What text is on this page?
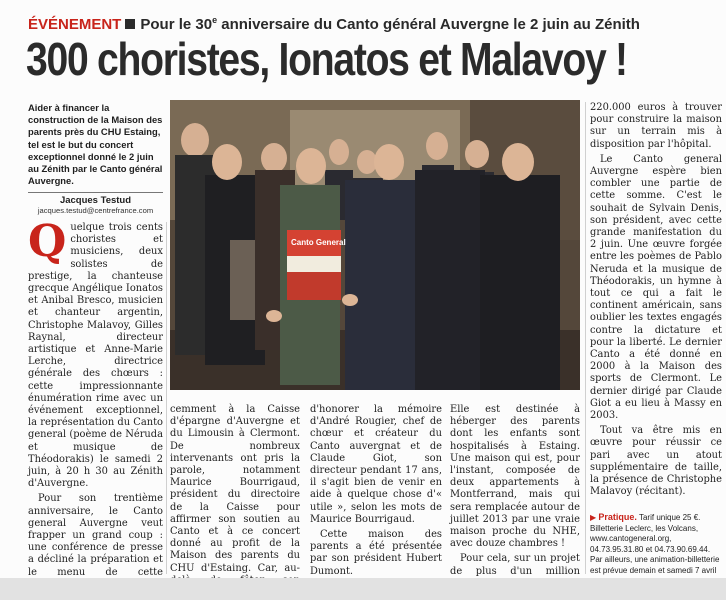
ÉVÉNEMENT Pour le 30e anniversaire du Canto général Auvergne le 2 juin au Zénith
300 choristes, Ionatos et Malavoy !
Aider à financer la construction de la Maison des parents près du CHU Estaing, tel est le but du concert exceptionnel donné le 2 juin au Zénith par le Canto général Auvergne.
Jacques Testud
jacques.testud@centrefrance.com

Quelque trois cents choristes et musiciens, deux solistes de prestige, la chanteuse grecque Angélique Ionatos et Anibal Bresco, musicien et chanteur argentin, Christophe Malavoy, Gilles Raynal, directeur artistique et Anne-Marie Lerche, directrice générale des chœurs : cette impressionnante énumération rime avec un événement exceptionnel, la représentation du Canto general (poème de Néruda et musique de Théodorakis) le samedi 2 juin, à 20 h 30 au Zénith d'Auvergne.

Pour son trentième anniversaire, le Canto general Auvergne veut frapper un grand coup : une conférence de presse a décliné la préparation et le menu de cette

Canto General

cemment à la Caisse d'épargne d'Auvergne et du Limousin à Clermont. De nombreux intervenants ont pris la parole, notamment Maurice Bourrigaud, président du directoire de la Caisse pour affirmer son soutien au Canto et à ce concert donné au profit de la Maison des parents du CHU d'Estaing. Car, au-

d'honorer la mémoire d'André Rougier, chef de chœur et créateur du Canto auvergnat et de Claude Giot, son directeur pendant 17 ans, il s'agit bien de venir en aide à quelque chose d'« utile », selon les mots de Maurice Bourrigaud.

Cette maison des parents a été présentée par son président Hubert Dumont.

Elle est destinée à héberger des parents dont les enfants sont hospitalisés à Estaing. Une maison qui est, pour l'instant, composée de deux appartements à Montferrand, mais qui sera remplacée autour de juillet 2013 par une vraie maison proche du NHE, avec douze chambres !

Pour cela, sur un projet de plus d'un million

220.000 euros à trouver pour construire la maison sur un terrain mis à disposition par l'hôpital.

Le Canto general Auvergne espère bien combler une partie de cette somme. C'est le souhait de Sylvain Denis, son président, avec cette grande manifestation du 2 juin. Une œuvre forgée entre les poèmes de Pablo Neruda et la musique de Théodorakis, un hymne à tout ce qui a fait le continent américain, sans oublier les textes engagés contre la dictature et pour la liberté. Le dernier Canto a été donné en 2000 à la Maison des sports de Clermont. Le dernier dirigé par Claude Giot a eu lieu à Massy en 2003.

Tout va être mis en œuvre pour réussir ce pari avec un atout supplémentaire de taille, la présence de Christophe Malavoy (récitant).

▶ Pratique. Tarif unique 25 €. Billetterie Leclerc, les Volcans, www.cantogeneral.org, 04.73.95.31.80 et 04.73.90.69.44. Par ailleurs, une animation-billetterie est prévue demain et samedi 7 avril
